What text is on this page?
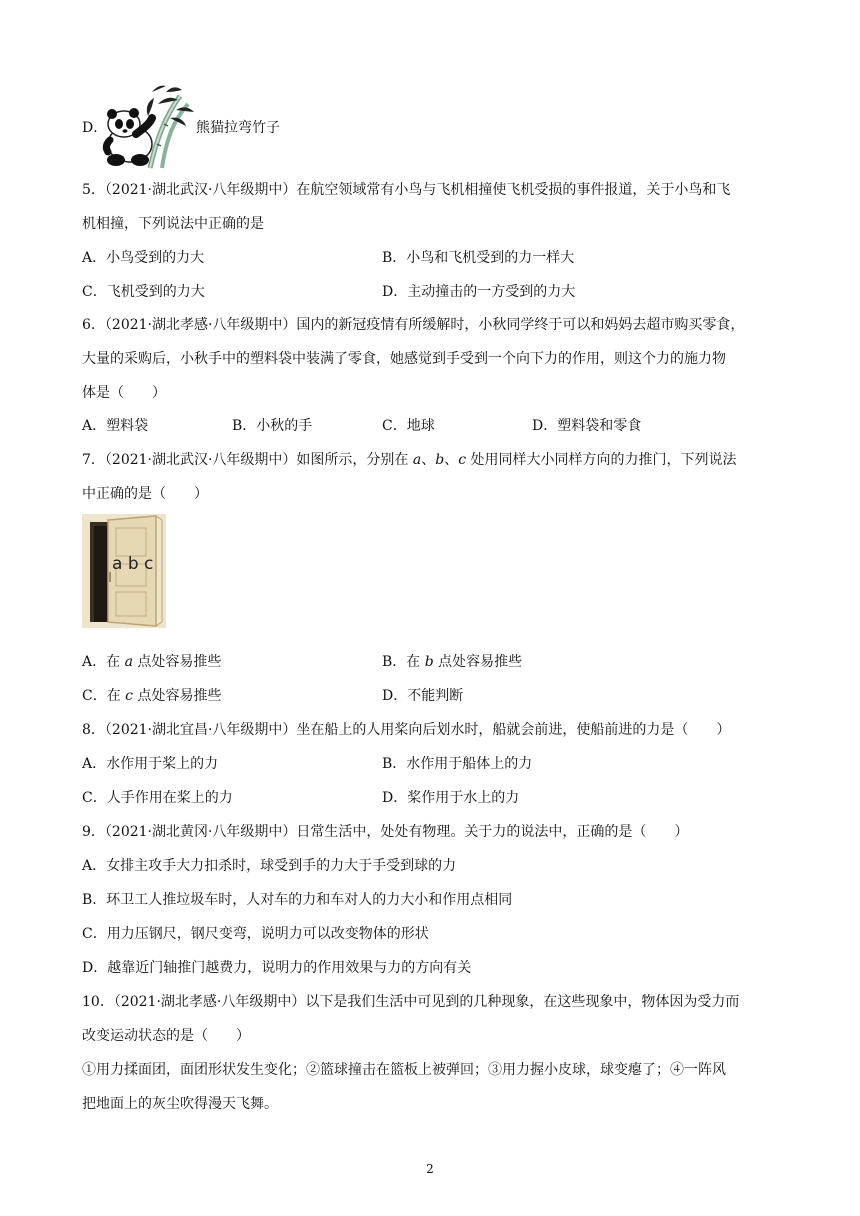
D．	熊猫拉弯竹子
5．（2021·湖北武汉·八年级期中）在航空领域常有小鸟与飞机相撞使飞机受损的事件报道，关于小鸟和飞
机相撞，下列说法中正确的是
A．小鸟受到的力大	B．小鸟和飞机受到的力一样大
C．飞机受到的力大	D．主动撞击的一方受到的力大
6．（2021·湖北孝感·八年级期中）国内的新冠疫情有所缓解时，小秋同学终于可以和妈妈去超市购买零食，
大量的采购后，小秋手中的塑料袋中装满了零食，她感觉到手受到一个向下力的作用，则这个力的施力物
体是（　　）
A．塑料袋	B．小秋的手	C．地球	D．塑料袋和零食
7．（2021·湖北武汉·八年级期中）如图所示，分别在 a、b、c 处用同样大小同样方向的力推门，下列说法
中正确的是（　　）
a b c
A．在 a 点处容易推些	B．在 b 点处容易推些
C．在 c 点处容易推些	D．不能判断
8．（2021·湖北宜昌·八年级期中）坐在船上的人用桨向后划水时，船就会前进，使船前进的力是（　　）
A．水作用于桨上的力	B．水作用于船体上的力
C．人手作用在桨上的力	D．桨作用于水上的力
9．（2021·湖北黄冈·八年级期中）日常生活中，处处有物理。关于力的说法中，正确的是（　　）
A．女排主攻手大力扣杀时，球受到手的力大于手受到球的力
B．环卫工人推垃圾车时，人对车的力和车对人的力大小和作用点相同
C．用力压钢尺，钢尺变弯，说明力可以改变物体的形状
D．越靠近门轴推门越费力，说明力的作用效果与力的方向有关
10．（2021·湖北孝感·八年级期中）以下是我们生活中可见到的几种现象，在这些现象中，物体因为受力而
改变运动状态的是（　　）
①用力揉面团，面团形状发生变化；②篮球撞击在篮板上被弹回；③用力握小皮球，球变瘪了；④一阵风
把地面上的灰尘吹得漫天飞舞。
2
